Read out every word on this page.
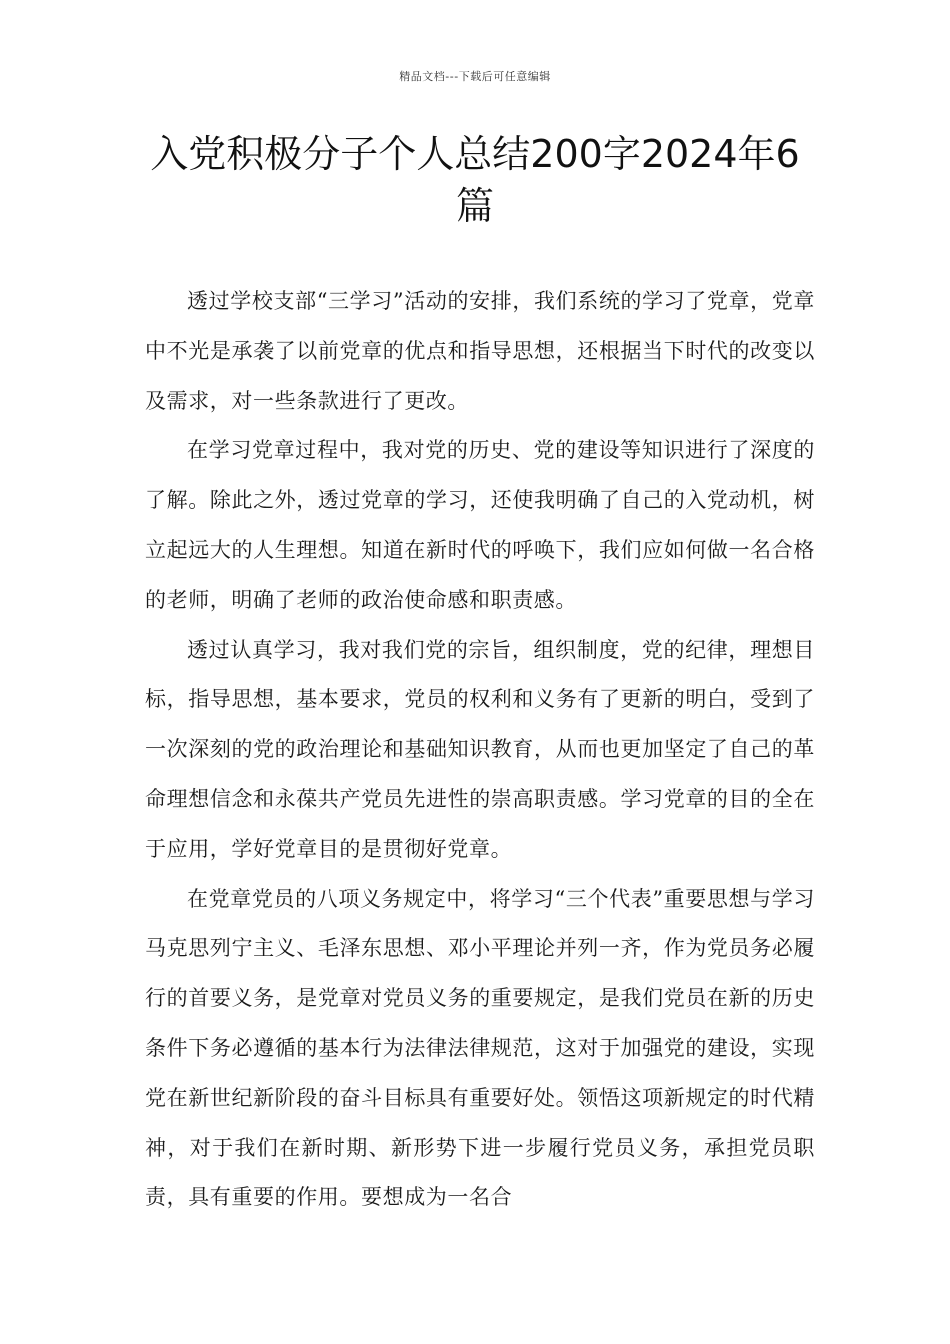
精品文档---下载后可任意编辑
入党积极分子个人总结200字2024年6篇

透过学校支部“三学习”活动的安排，我们系统的学习了党章，党章中不光是承袭了以前党章的优点和指导思想，还根据当下时代的改变以及需求，对一些条款进行了更改。

在学习党章过程中，我对党的历史、党的建设等知识进行了深度的了解。除此之外，透过党章的学习，还使我明确了自己的入党动机，树立起远大的人生理想。知道在新时代的呼唤下，我们应如何做一名合格的老师，明确了老师的政治使命感和职责感。

透过认真学习，我对我们党的宗旨，组织制度，党的纪律，理想目标，指导思想，基本要求，党员的权利和义务有了更新的明白，受到了一次深刻的党的政治理论和基础知识教育，从而也更加坚定了自己的革命理想信念和永葆共产党员先进性的崇高职责感。学习党章的目的全在于应用，学好党章目的是贯彻好党章。

在党章党员的八项义务规定中，将学习“三个代表”重要思想与学习马克思列宁主义、毛泽东思想、邓小平理论并列一齐，作为党员务必履行的首要义务，是党章对党员义务的重要规定，是我们党员在新的历史条件下务必遵循的基本行为法律法律规范，这对于加强党的建设，实现党在新世纪新阶段的奋斗目标具有重要好处。领悟这项新规定的时代精神，对于我们在新时期、新形势下进一步履行党员义务，承担党员职责，具有重要的作用。要想成为一名合
